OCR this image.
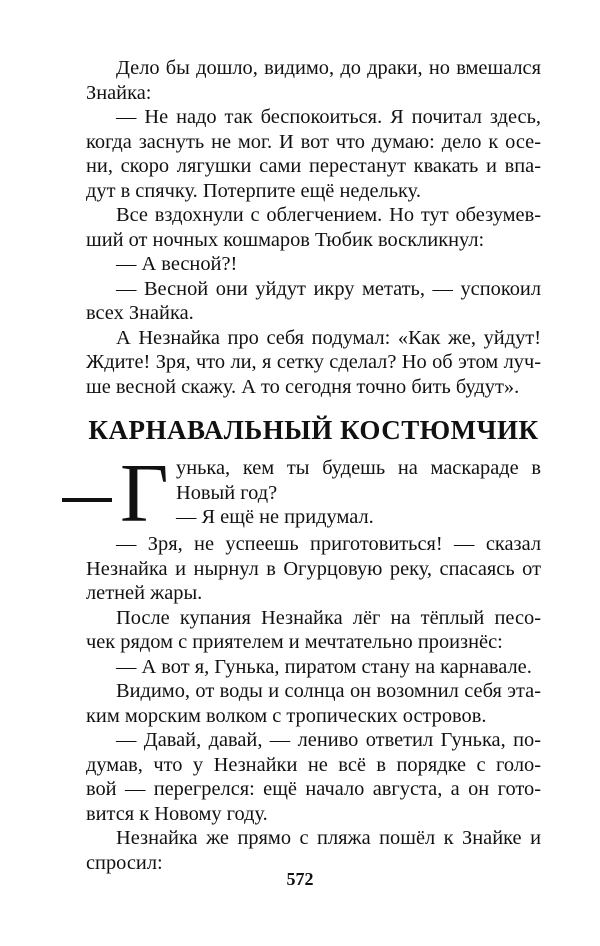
Дело бы дошло, видимо, до драки, но вмешался
Знайка:
— Не надо так беспокоиться. Я почитал здесь,
когда заснуть не мог. И вот что думаю: дело к осе-
ни, скоро лягушки сами перестанут квакать и впа-
дут в спячку. Потерпите ещё недельку.
Все вздохнули с облегчением. Но тут обезумев-
ший от ночных кошмаров Тюбик воскликнул:
— А весной?!
— Весной они уйдут икру метать, — успокоил
всех Знайка.
А Незнайка про себя подумал: «Как же, уйдут!
Ждите! Зря, что ли, я сетку сделал? Но об этом луч-
ше весной скажу. А то сегодня точно бить будут».
КАРНАВАЛЬНЫЙ КОСТЮМЧИК
Г унька, кем ты будешь на маскараде в
Новый год?
— Я ещё не придумал.
— Зря, не успеешь приготовиться! — сказал
Незнайка и нырнул в Огурцовую реку, спасаясь от
летней жары.
После купания Незнайка лёг на тёплый песо-
чек рядом с приятелем и мечтательно произнёс:
— А вот я, Гунька, пиратом стану на карнавале.
Видимо, от воды и солнца он возомнил себя эта-
ким морским волком с тропических островов.
— Давай, давай, — лениво ответил Гунька, по-
думав, что у Незнайки не всё в порядке с голо-
вой — перегрелся: ещё начало августа, а он гото-
вится к Новому году.
Незнайка же прямо с пляжа пошёл к Знайке и
спросил:
572
